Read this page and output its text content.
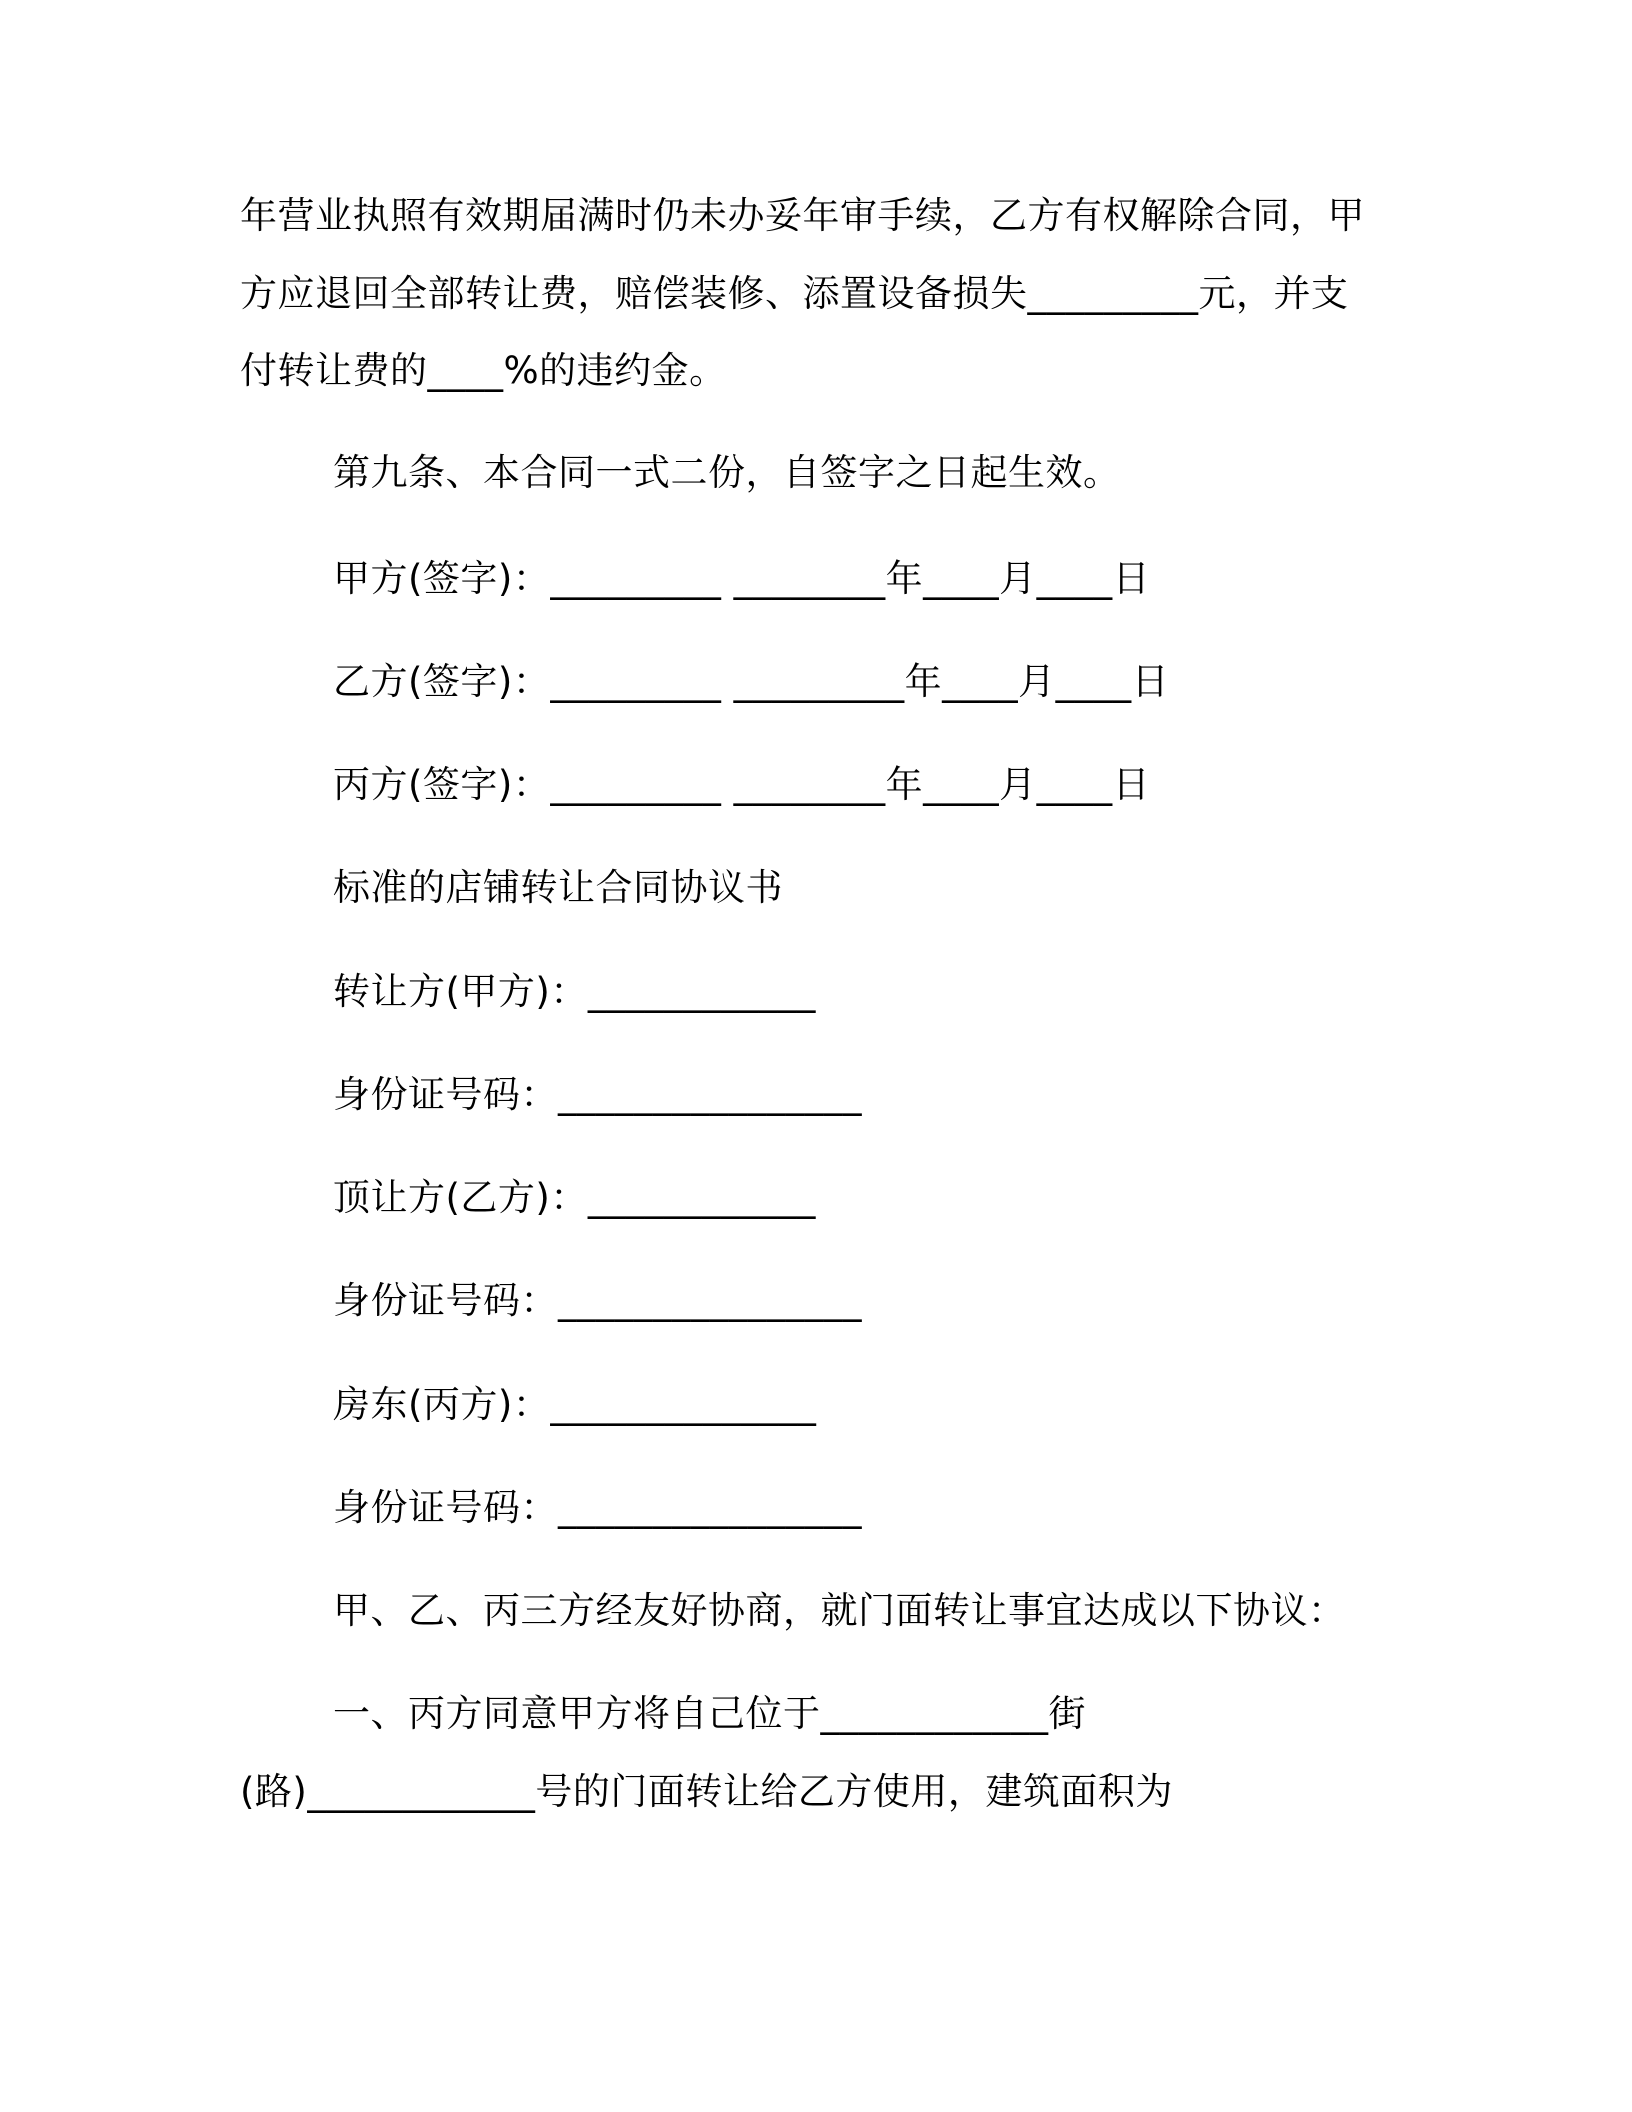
年营业执照有效期届满时仍未办妥年审手续，乙方有权解除合同，甲
方应退回全部转让费，赔偿装修、添置设备损失_________元，并支
付转让费的____%的违约金。
第九条、本合同一式二份，自签字之日起生效。
甲方(签字)：_________ ________年____月____日
乙方(签字)：_________ _________年____月____日
丙方(签字)：_________ ________年____月____日
标准的店铺转让合同协议书
转让方(甲方)：____________
身份证号码：________________
顶让方(乙方)：____________
身份证号码：________________
房东(丙方)：______________
身份证号码：________________
甲、乙、丙三方经友好协商，就门面转让事宜达成以下协议：
一、丙方同意甲方将自己位于____________街
(路)____________号的门面转让给乙方使用，建筑面积为
